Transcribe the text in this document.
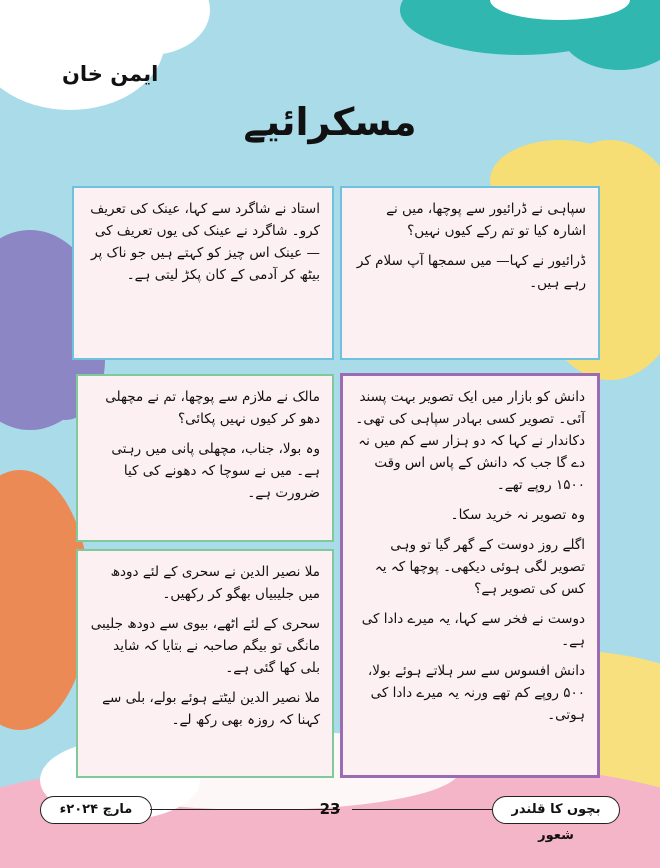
ایمن خان
مسکرائیے

سپاہی نے ڈرائیور سے پوچھا، میں نے اشارہ کیا تو تم رکے کیوں نہیں؟

ڈرائیور نے کہا— میں سمجھا آپ سلام کر رہے ہیں۔

استاد نے شاگرد سے کہا، عینک کی تعریف کرو۔ شاگرد نے عینک کی یوں تعریف کی — عینک اس چیز کو کہتے ہیں جو ناک پر بیٹھ کر آدمی کے کان پکڑ لیتی ہے۔

مالک نے ملازم سے پوچھا، تم نے مچھلی دھو کر کیوں نہیں پکائی؟

وہ بولا، جناب، مچھلی پانی میں رہتی ہے۔ میں نے سوچا کہ دھونے کی کیا ضرورت ہے۔

ملا نصیر الدین نے سحری کے لئے دودھ میں جلیبیاں بھگو کر رکھیں۔

سحری کے لئے اٹھے، بیوی سے دودھ جلیبی مانگی تو بیگم صاحبہ نے بتایا کہ شاید بلی کھا گئی ہے۔

ملا نصیر الدین لیٹتے ہوئے بولے، بلی سے کہنا کہ روزہ بھی رکھ لے۔

دانش کو بازار میں ایک تصویر بہت پسند آئی۔ تصویر کسی بہادر سپاہی کی تھی۔ دکاندار نے کہا کہ دو ہزار سے کم میں نہ دے گا جب کہ دانش کے پاس اس وقت ۱۵۰۰ روپے تھے۔

وہ تصویر نہ خرید سکا۔

اگلے روز دوست کے گھر گیا تو وہی تصویر لگی ہوئی دیکھی۔ پوچھا کہ یہ کس کی تصویر ہے؟

دوست نے فخر سے کہا، یہ میرے دادا کی ہے۔

دانش افسوس سے سر ہلاتے ہوئے بولا، ۵۰۰ روپے کم تھے ورنہ یہ میرے دادا کی ہوتی۔

مارچ ۲۰۲۴ء	23	بچوں کا قلندر شعور
